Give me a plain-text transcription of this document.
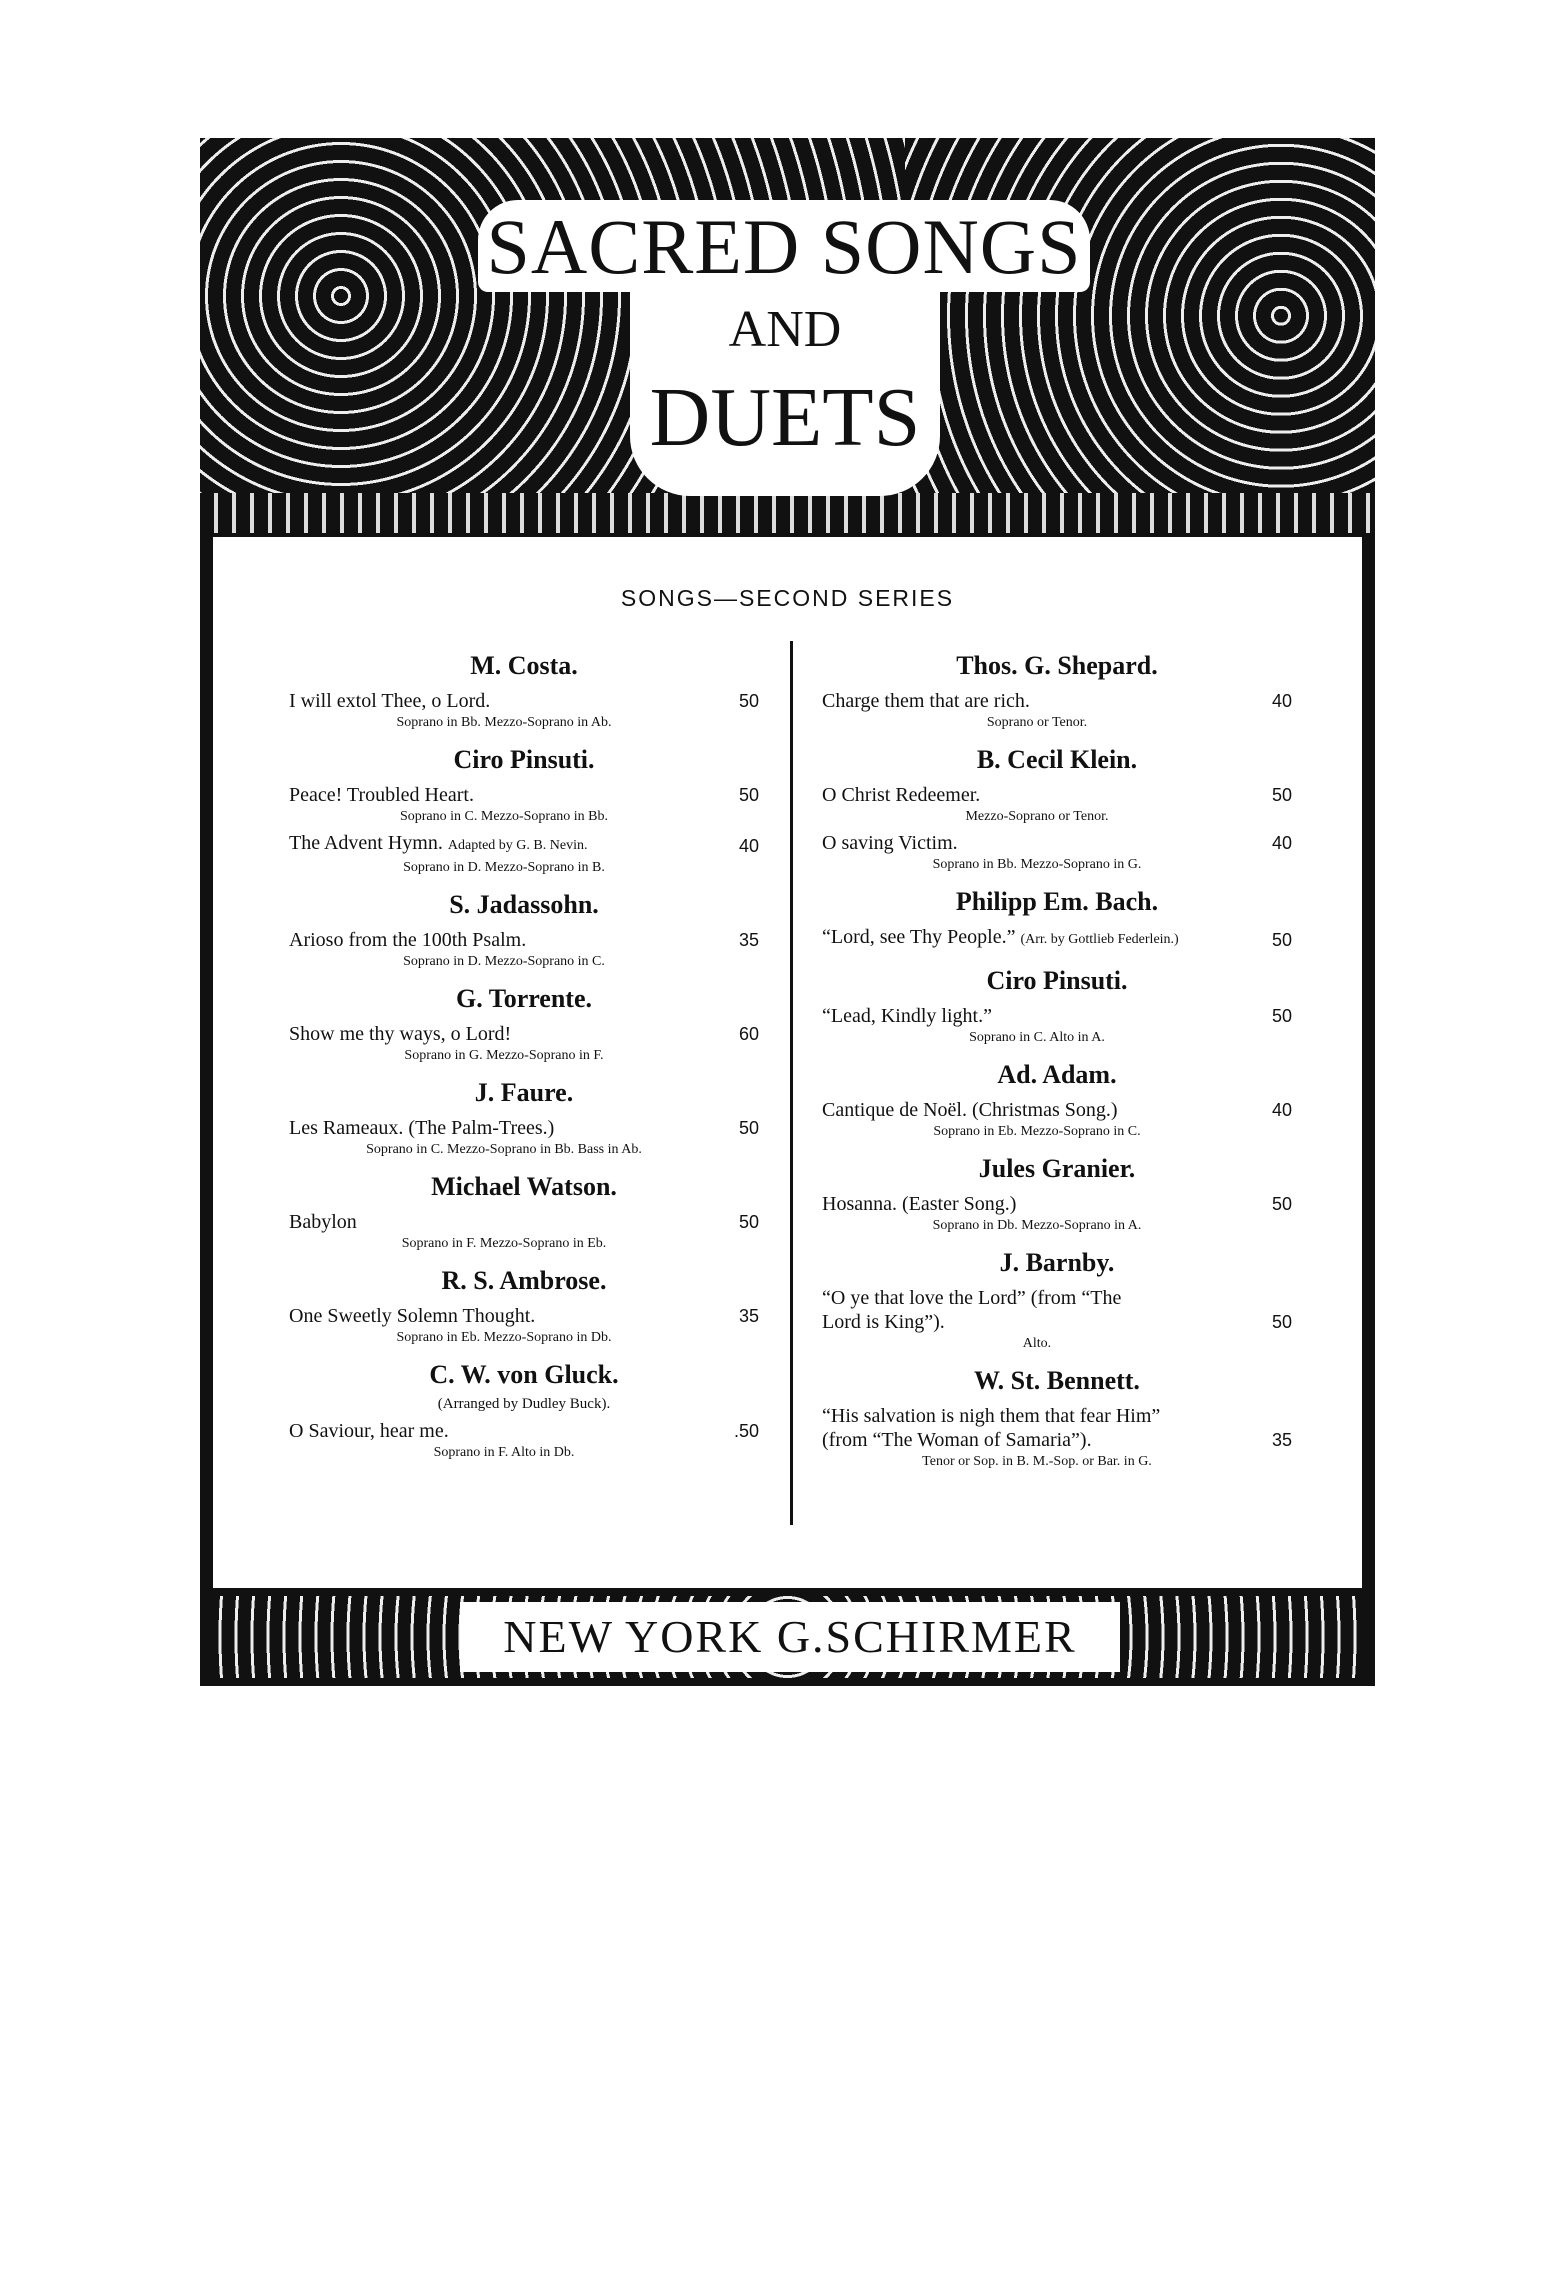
SACRED SONGS
AND
DUETS
SONGS—SECOND SERIES
M. Costa.
I will extol Thee, o Lord.	50
Soprano in Bb. Mezzo-Soprano in Ab.
Ciro Pinsuti.
Peace! Troubled Heart.	50
Soprano in C. Mezzo-Soprano in Bb.
The Advent Hymn. Adapted by G. B. Nevin.	40
Soprano in D. Mezzo-Soprano in B.
S. Jadassohn.
Arioso from the 100th Psalm.	35
Soprano in D. Mezzo-Soprano in C.
G. Torrente.
Show me thy ways, o Lord!	60
Soprano in G. Mezzo-Soprano in F.
J. Faure.
Les Rameaux. (The Palm-Trees.)	50
Soprano in C. Mezzo-Soprano in Bb. Bass in Ab.
Michael Watson.
Babylon	50
Soprano in F. Mezzo-Soprano in Eb.
R. S. Ambrose.
One Sweetly Solemn Thought.	35
Soprano in Eb. Mezzo-Soprano in Db.
C. W. von Gluck.
(Arranged by Dudley Buck).
O Saviour, hear me.	.50
Soprano in F. Alto in Db.
Thos. G. Shepard.
Charge them that are rich.	40
Soprano or Tenor.
B. Cecil Klein.
O Christ Redeemer.	50
Mezzo-Soprano or Tenor.
O saving Victim.	40
Soprano in Bb. Mezzo-Soprano in G.
Philipp Em. Bach.
“Lord, see Thy People.” (Arr. by Gottlieb Federlein.)	50
Ciro Pinsuti.
“Lead, Kindly light.”	50
Soprano in C. Alto in A.
Ad. Adam.
Cantique de Noël. (Christmas Song.)	40
Soprano in Eb. Mezzo-Soprano in C.
Jules Granier.
Hosanna. (Easter Song.)	50
Soprano in Db. Mezzo-Soprano in A.
J. Barnby.
“O ye that love the Lord” (from “The
Lord is King”).	50
Alto.
W. St. Bennett.
“His salvation is nigh them that fear Him”
(from “The Woman of Samaria”).	35
Tenor or Sop. in B. M.-Sop. or Bar. in G.
NEW YORK G.SCHIRMER
